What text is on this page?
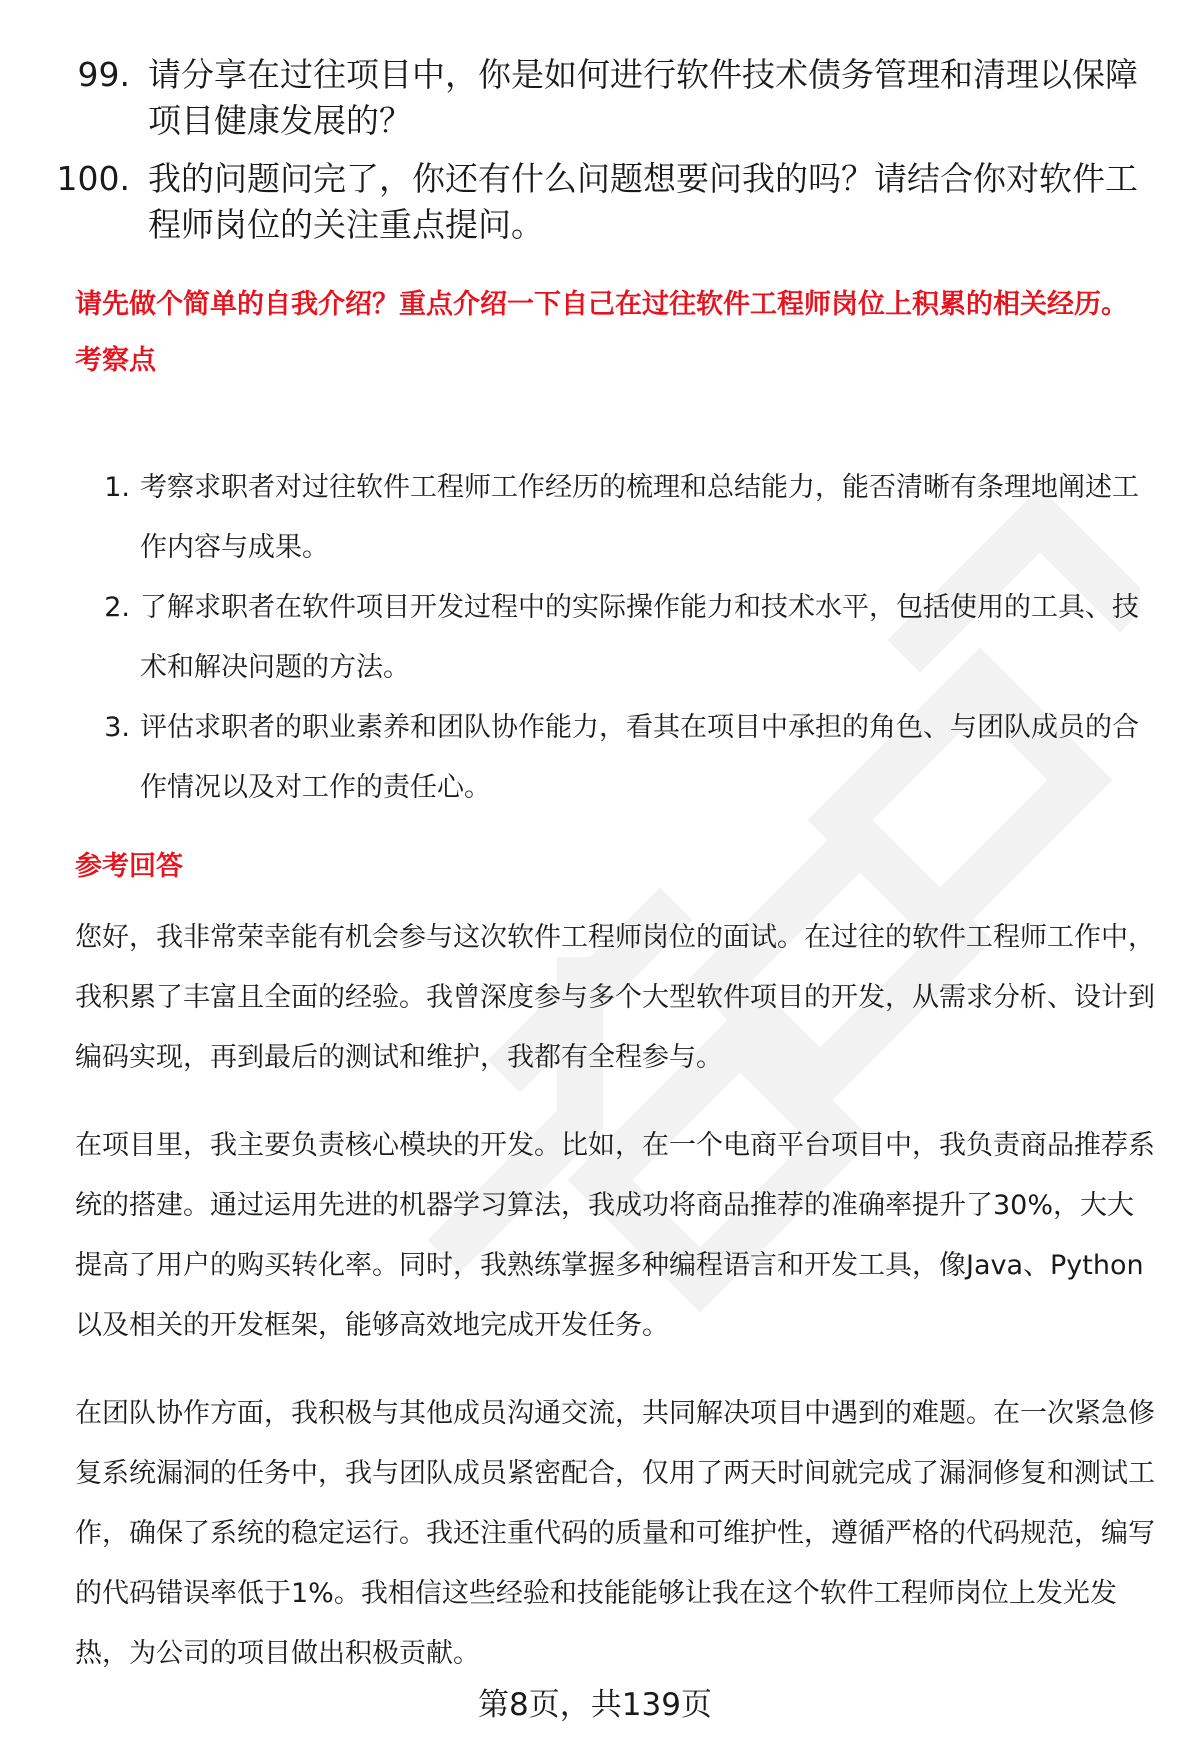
99. 请分享在过往项目中，你是如何进行软件技术债务管理和清理以保障项目健康发展的？
100. 我的问题问完了，你还有什么问题想要问我的吗？请结合你对软件工程师岗位的关注重点提问。
请先做个简单的自我介绍？重点介绍一下自己在过往软件工程师岗位上积累的相关经历。
考察点
1. 考察求职者对过往软件工程师工作经历的梳理和总结能力，能否清晰有条理地阐述工作内容与成果。
2. 了解求职者在软件项目开发过程中的实际操作能力和技术水平，包括使用的工具、技术和解决问题的方法。
3. 评估求职者的职业素养和团队协作能力，看其在项目中承担的角色、与团队成员的合作情况以及对工作的责任心。
参考回答

您好，我非常荣幸能有机会参与这次软件工程师岗位的面试。在过往的软件工程师工作中，我积累了丰富且全面的经验。我曾深度参与多个大型软件项目的开发，从需求分析、设计到编码实现，再到最后的测试和维护，我都有全程参与。

在项目里，我主要负责核心模块的开发。比如，在一个电商平台项目中，我负责商品推荐系统的搭建。通过运用先进的机器学习算法，我成功将商品推荐的准确率提升了30%，大大提高了用户的购买转化率。同时，我熟练掌握多种编程语言和开发工具，像Java、Python以及相关的开发框架，能够高效地完成开发任务。

在团队协作方面，我积极与其他成员沟通交流，共同解决项目中遇到的难题。在一次紧急修复系统漏洞的任务中，我与团队成员紧密配合，仅用了两天时间就完成了漏洞修复和测试工作，确保了系统的稳定运行。我还注重代码的质量和可维护性，遵循严格的代码规范，编写的代码错误率低于1%。我相信这些经验和技能能够让我在这个软件工程师岗位上发光发热，为公司的项目做出积极贡献。

第8页，共139页
